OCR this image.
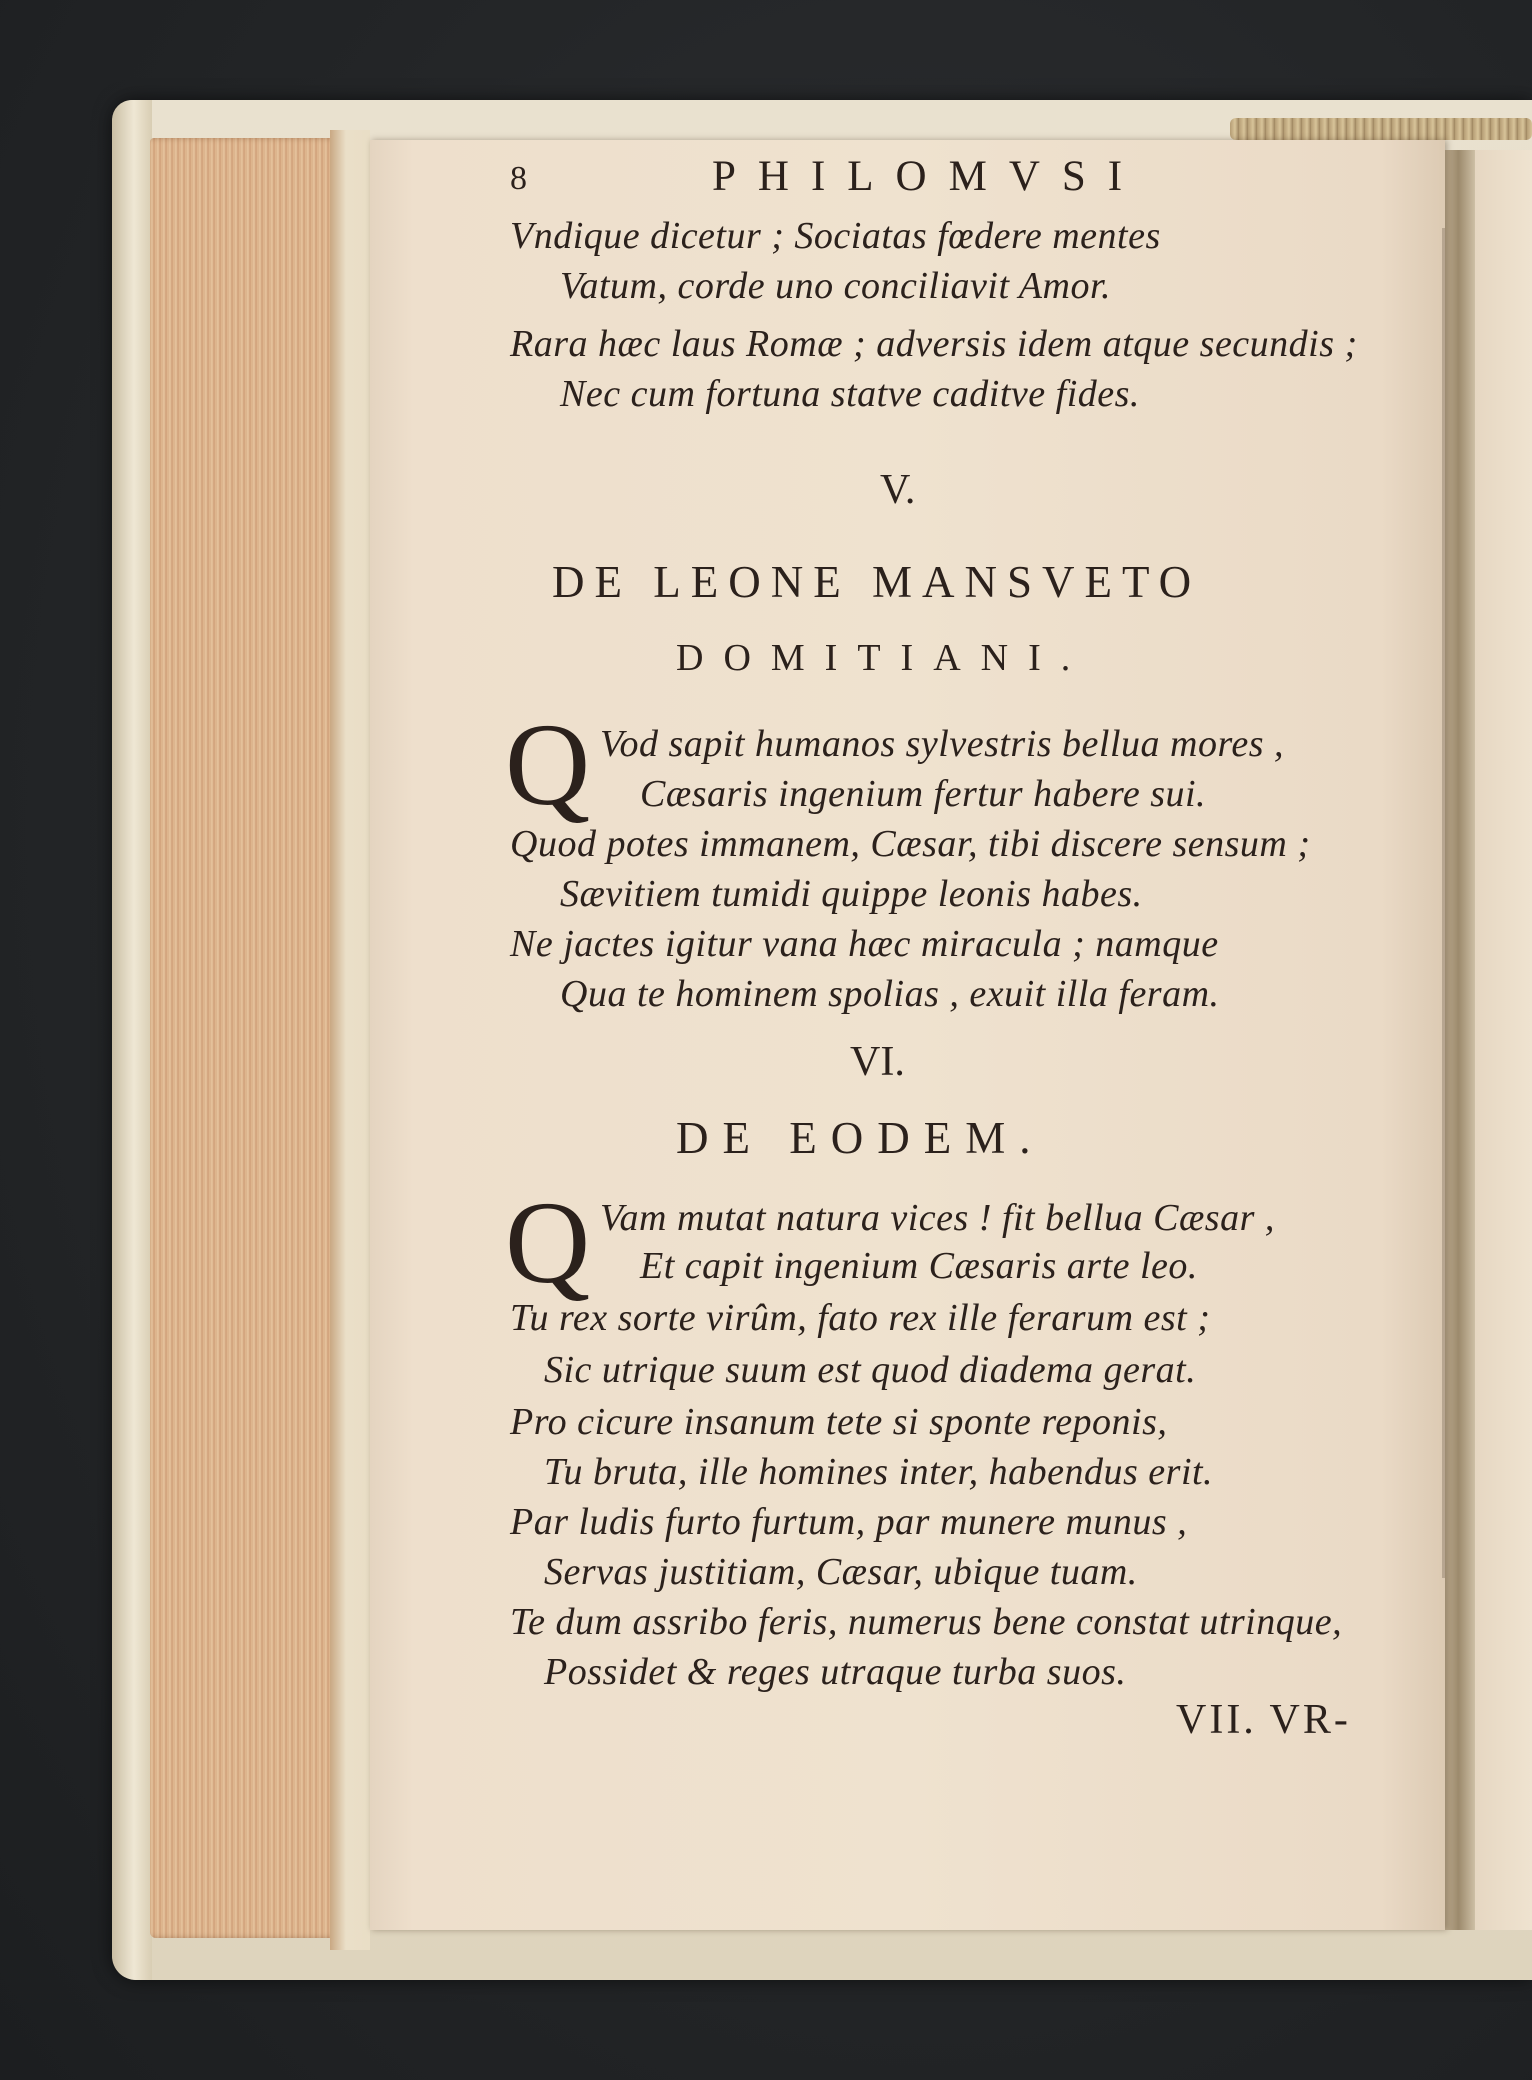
8	PHILOMVSI
Vndique dicetur ; Sociatas fœdere mentes
Vatum, corde uno conciliavit Amor.
Rara hæc laus Romæ ; adversis idem atque secundis ;
Nec cum fortuna statve caditve fides.
V.
DE LEONE MANSVETO
DOMITIANI.
Q Vod sapit humanos sylvestris bellua mores ,
Cæsaris ingenium fertur habere sui.
Quod potes immanem, Cæsar, tibi discere sensum ;
Sævitiem tumidi quippe leonis habes.
Ne jactes igitur vana hæc miracula ; namque
Qua te hominem spolias , exuit illa feram.
VI.
DE EODEM.
Q Vam mutat natura vices ! fit bellua Cæsar ,
Et capit ingenium Cæsaris arte leo.
Tu rex sorte virûm, fato rex ille ferarum est ;
Sic utrique suum est quod diadema gerat.
Pro cicure insanum tete si sponte reponis,
Tu bruta, ille homines inter, habendus erit.
Par ludis furto furtum, par munere munus ,
Servas justitiam, Cæsar, ubique tuam.
Te dum assribo feris, numerus bene constat utrinque,
Possidet & reges utraque turba suos.
VII. VR-
